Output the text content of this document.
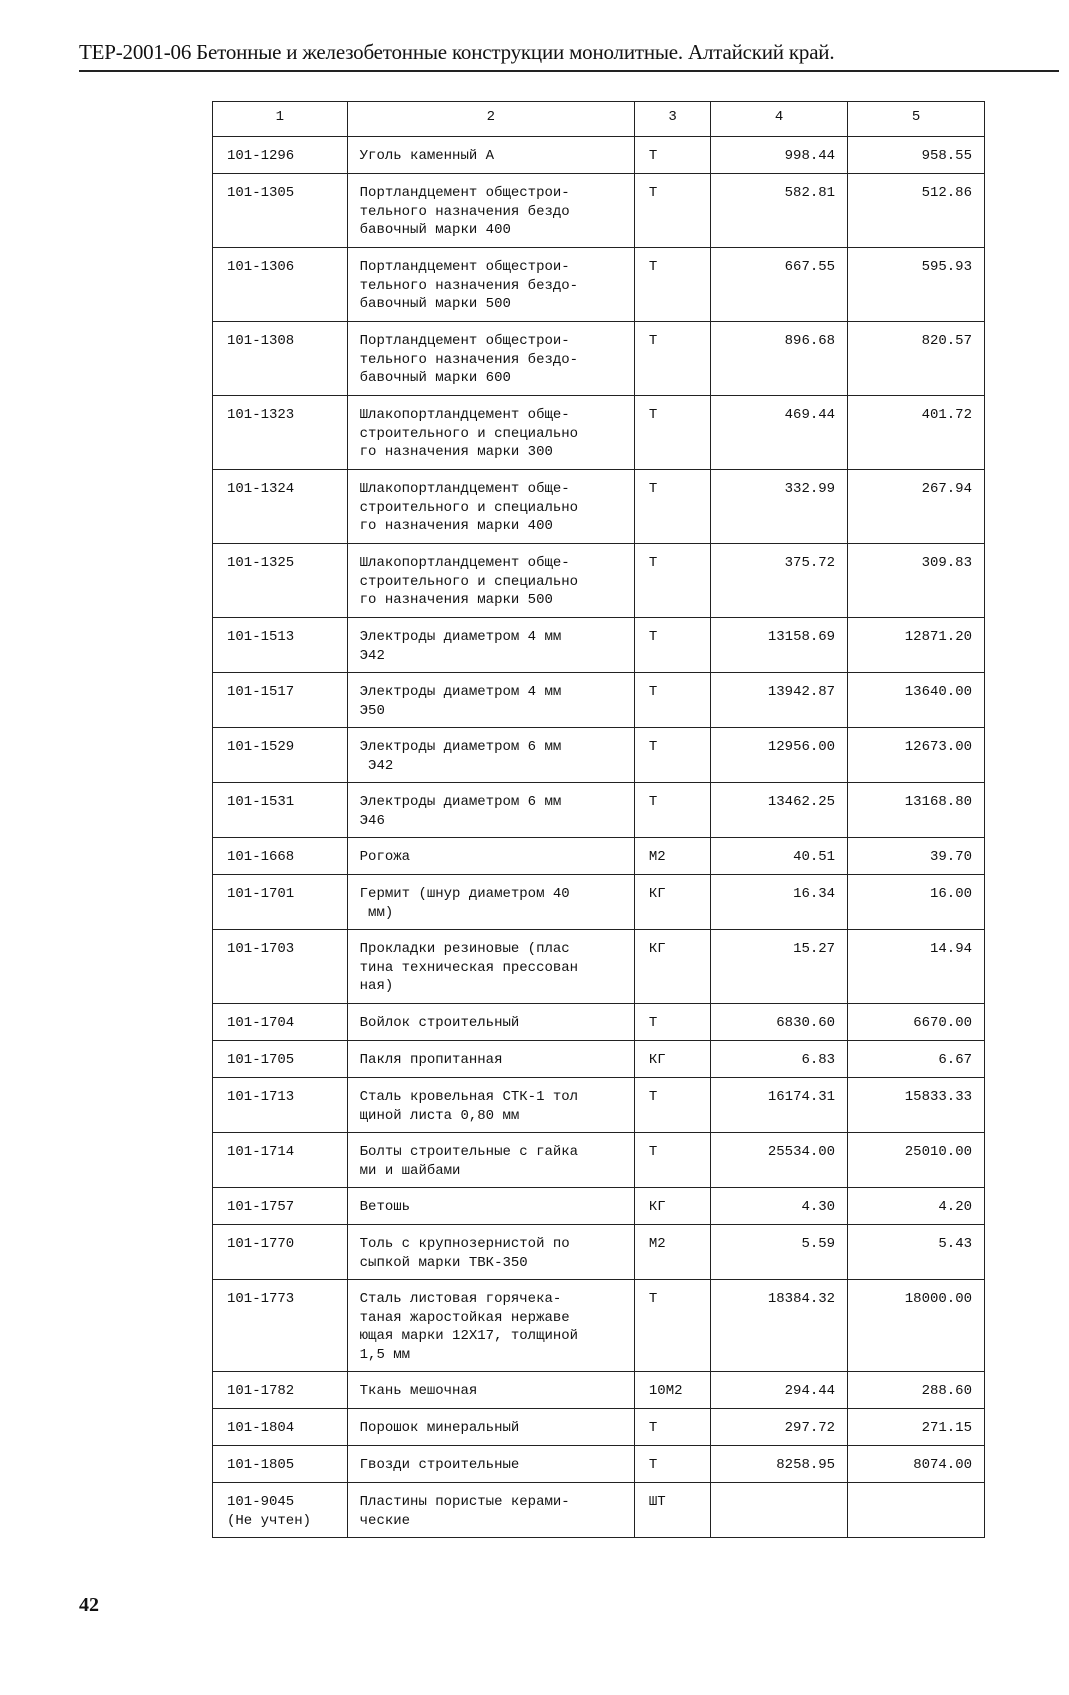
ТЕР-2001-06 Бетонные и железобетонные конструкции монолитные. Алтайский край.
1	2	3	4	5
101-1296	Уголь каменный А	Т	998.44	958.55
101-1305	Портландцемент общестрои-
тельного назначения бездо
бавочный марки 400	Т	582.81	512.86
101-1306	Портландцемент общестрои-
тельного назначения бездо-
бавочный марки 500	Т	667.55	595.93
101-1308	Портландцемент общестрои-
тельного назначения бездо-
бавочный марки 600	Т	896.68	820.57
101-1323	Шлакопортландцемент обще-
строительного и специально
го назначения марки 300	Т	469.44	401.72
101-1324	Шлакопортландцемент обще-
строительного и специально
го назначения марки 400	Т	332.99	267.94
101-1325	Шлакопортландцемент обще-
строительного и специально
го назначения марки 500	Т	375.72	309.83
101-1513	Электроды диаметром 4 мм
Э42	Т	13158.69	12871.20
101-1517	Электроды диаметром 4 мм
Э50	Т	13942.87	13640.00
101-1529	Электроды диаметром 6 мм
Э42	Т	12956.00	12673.00
101-1531	Электроды диаметром 6 мм
Э46	Т	13462.25	13168.80
101-1668	Рогожа	М2	40.51	39.70
101-1701	Гермит (шнур диаметром 40
мм)	КГ	16.34	16.00
101-1703	Прокладки резиновые (плас
тина техническая прессован
ная)	КГ	15.27	14.94
101-1704	Войлок строительный	Т	6830.60	6670.00
101-1705	Пакля пропитанная	КГ	6.83	6.67
101-1713	Сталь кровельная СТК-1 тол
щиной листа 0,80 мм	Т	16174.31	15833.33
101-1714	Болты строительные с гайка
ми и шайбами	Т	25534.00	25010.00
101-1757	Ветошь	КГ	4.30	4.20
101-1770	Толь с крупнозернистой по
сыпкой марки ТВК-350	М2	5.59	5.43
101-1773	Сталь листовая горячека-
таная жаростойкая нержаве
ющая марки 12Х17, толщиной
1,5 мм	Т	18384.32	18000.00
101-1782	Ткань мешочная	10М2	294.44	288.60
101-1804	Порошок минеральный	Т	297.72	271.15
101-1805	Гвозди строительные	Т	8258.95	8074.00
101-9045
(Не учтен)	Пластины пористые керами-
ческие	ШТ		
42
